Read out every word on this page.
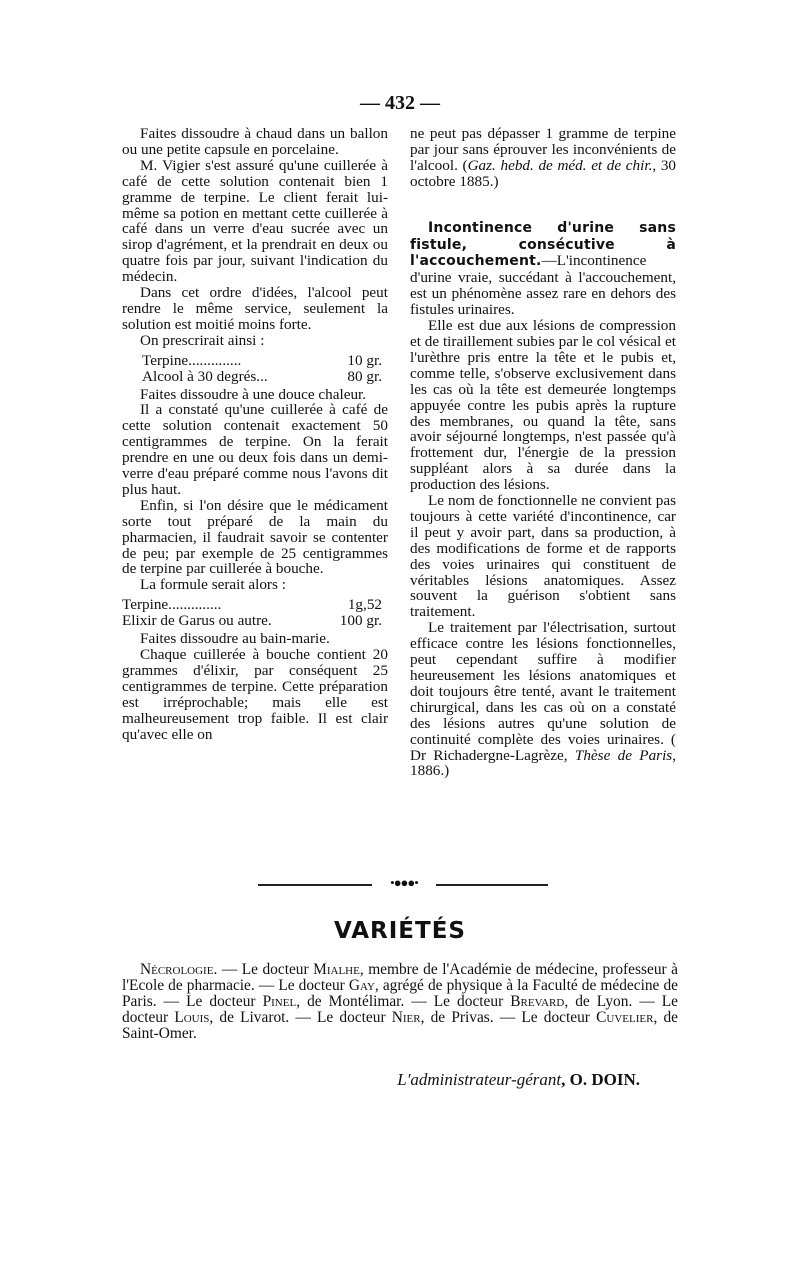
— 432 —

Faites dissoudre à chaud dans un ballon ou une petite capsule en porcelaine.

M. Vigier s'est assuré qu'une cuillerée à café de cette solution contenait bien 1 gramme de terpine. Le client ferait lui-même sa potion en mettant cette cuillerée à café dans un verre d'eau sucrée avec un sirop d'agrément, et la prendrait en deux ou quatre fois par jour, suivant l'indication du médecin.

Dans cet ordre d'idées, l'alcool peut rendre le même service, seulement la solution est moitié moins forte.

On prescrirait ainsi :

Terpine..............	10 gr.
Alcool à 30 degrés...	80 gr.

Faites dissoudre à une douce chaleur.

Il a constaté qu'une cuillerée à café de cette solution contenait exactement 50 centigrammes de terpine. On la ferait prendre en une ou deux fois dans un demi-verre d'eau préparé comme nous l'avons dit plus haut.

Enfin, si l'on désire que le médicament sorte tout préparé de la main du pharmacien, il faudrait savoir se contenter de peu; par exemple de 25 centigrammes de terpine par cuillerée à bouche.

La formule serait alors :

Terpine..............	1g,52
Elixir de Garus ou autre.	100 gr.

Faites dissoudre au bain-marie.

Chaque cuillerée à bouche contient 20 grammes d'élixir, par conséquent 25 centigrammes de terpine. Cette préparation est irréprochable; mais elle est malheureusement trop faible. Il est clair qu'avec elle on

ne peut pas dépasser 1 gramme de terpine par jour sans éprouver les inconvénients de l'alcool. (Gaz. hebd. de méd. et de chir., 30 octobre 1885.)

Incontinence d'urine sans fistule, consécutive à l'accouchement.—L'incontinence d'urine vraie, succédant à l'accouchement, est un phénomène assez rare en dehors des fistules urinaires.

Elle est due aux lésions de compression et de tiraillement subies par le col vésical et l'urèthre pris entre la tête et le pubis et, comme telle, s'observe exclusivement dans les cas où la tête est demeurée longtemps appuyée contre les pubis après la rupture des membranes, ou quand la tête, sans avoir séjourné longtemps, n'est passée qu'à frottement dur, l'énergie de la pression suppléant alors à sa durée dans la production des lésions.

Le nom de fonctionnelle ne convient pas toujours à cette variété d'incontinence, car il peut y avoir part, dans sa production, à des modifications de forme et de rapports des voies urinaires qui constituent de véritables lésions anatomiques. Assez souvent la guérison s'obtient sans traitement.

Le traitement par l'électrisation, surtout efficace contre les lésions fonctionnelles, peut cependant suffire à modifier heureusement les lésions anatomiques et doit toujours être tenté, avant le traitement chirurgical, dans les cas où on a constaté des lésions autres qu'une solution de continuité complète des voies urinaires. ( Dr Richadergne-Lagrèze, Thèse de Paris, 1886.)

•●●●•
VARIÉTÉS

Nécrologie. — Le docteur Mialhe, membre de l'Académie de médecine, professeur à l'Ecole de pharmacie. — Le docteur Gay, agrégé de physique à la Faculté de médecine de Paris. — Le docteur Pinel, de Montélimar. — Le docteur Brevard, de Lyon. — Le docteur Louis, de Livarot. — Le docteur Nier, de Privas. — Le docteur Cuvelier, de Saint-Omer.

L'administrateur-gérant, O. DOIN.
